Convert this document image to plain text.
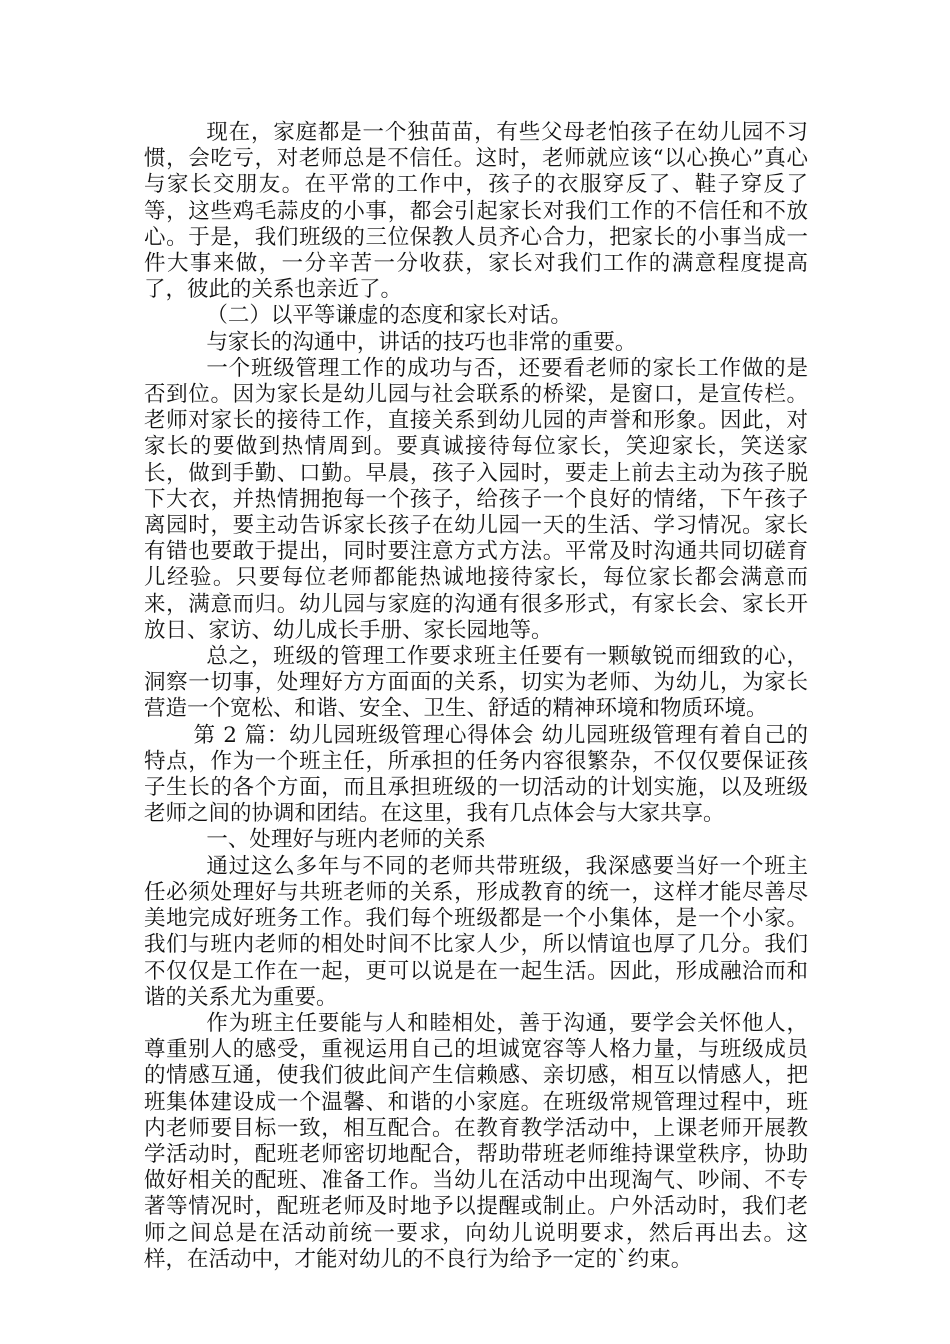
现在，家庭都是一个独苗苗，有些父母老怕孩子在幼儿园不习惯，会吃亏，对老师总是不信任。这时，老师就应该“以心换心”真心与家长交朋友。在平常的工作中，孩子的衣服穿反了、鞋子穿反了等，这些鸡毛蒜皮的小事，都会引起家长对我们工作的不信任和不放心。于是，我们班级的三位保教人员齐心合力，把家长的小事当成一件大事来做，一分辛苦一分收获，家长对我们工作的满意程度提高了，彼此的关系也亲近了。

（二）以平等谦虚的态度和家长对话。

与家长的沟通中，讲话的技巧也非常的重要。

一个班级管理工作的成功与否，还要看老师的家长工作做的是否到位。因为家长是幼儿园与社会联系的桥梁，是窗口，是宣传栏。老师对家长的接待工作，直接关系到幼儿园的声誉和形象。因此，对家长的要做到热情周到。要真诚接待每位家长，笑迎家长，笑送家长，做到手勤、口勤。早晨，孩子入园时，要走上前去主动为孩子脱下大衣，并热情拥抱每一个孩子，给孩子一个良好的情绪，下午孩子离园时，要主动告诉家长孩子在幼儿园一天的生活、学习情况。家长有错也要敢于提出，同时要注意方式方法。平常及时沟通共同切磋育儿经验。只要每位老师都能热诚地接待家长，每位家长都会满意而来，满意而归。幼儿园与家庭的沟通有很多形式，有家长会、家长开放日、家访、幼儿成长手册、家长园地等。

总之，班级的管理工作要求班主任要有一颗敏锐而细致的心，洞察一切事，处理好方方面面的关系，切实为老师、为幼儿，为家长营造一个宽松、和谐、安全、卫生、舒适的精神环境和物质环境。

第 2 篇：幼儿园班级管理心得体会 幼儿园班级管理有着自己的特点，作为一个班主任，所承担的任务内容很繁杂，不仅仅要保证孩子生长的各个方面，而且承担班级的一切活动的计划实施，以及班级老师之间的协调和团结。在这里，我有几点体会与大家共享。

一、处理好与班内老师的关系

通过这么多年与不同的老师共带班级，我深感要当好一个班主任必须处理好与共班老师的关系，形成教育的统一，这样才能尽善尽美地完成好班务工作。我们每个班级都是一个小集体，是一个小家。我们与班内老师的相处时间不比家人少，所以情谊也厚了几分。我们不仅仅是工作在一起，更可以说是在一起生活。因此，形成融洽而和谐的关系尤为重要。

作为班主任要能与人和睦相处，善于沟通，要学会关怀他人，尊重别人的感受，重视运用自己的坦诚宽容等人格力量，与班级成员的情感互通，使我们彼此间产生信赖感、亲切感，相互以情感人，把班集体建设成一个温馨、和谐的小家庭。在班级常规管理过程中，班内老师要目标一致，相互配合。在教育教学活动中，上课老师开展教学活动时，配班老师密切地配合，帮助带班老师维持课堂秩序，协助做好相关的配班、准备工作。当幼儿在活动中出现淘气、吵闹、不专著等情况时，配班老师及时地予以提醒或制止。户外活动时，我们老师之间总是在活动前统一要求，向幼儿说明要求，然后再出去。这样，在活动中，才能对幼儿的不良行为给予一定的`约束。
